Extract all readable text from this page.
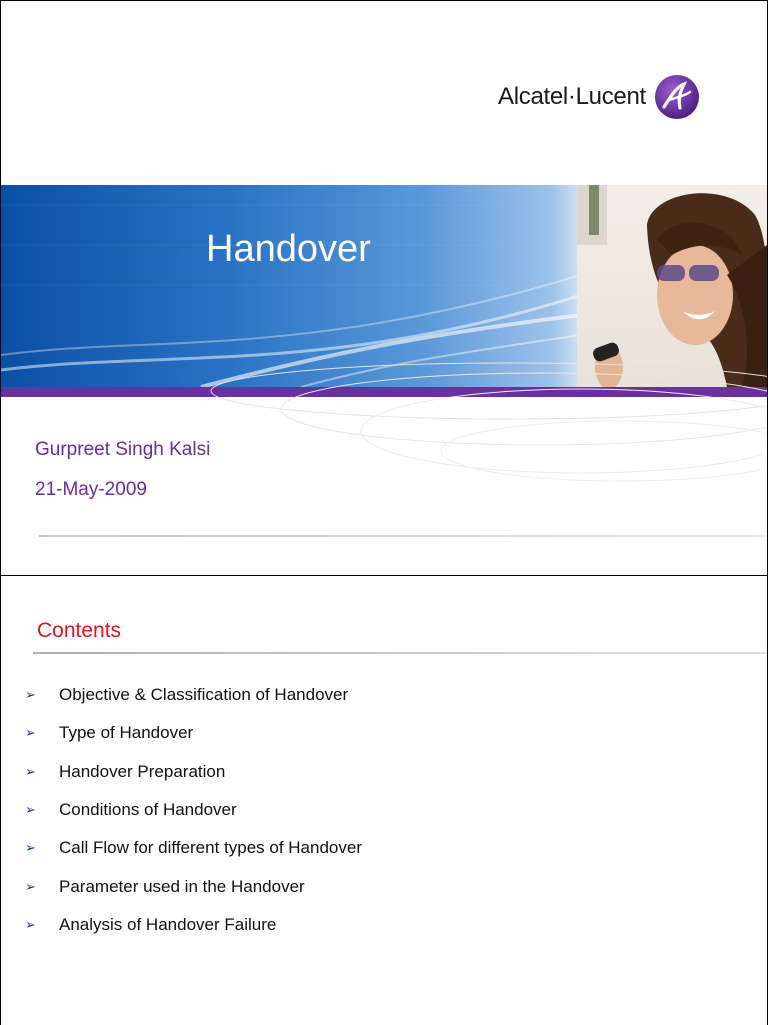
Alcatel·Lucent
Handover
Gurpreet Singh Kalsi
21-May-2009
Contents
➢	Objective & Classification of Handover
➢	Type of Handover
➢	Handover Preparation
➢	Conditions of Handover
➢	Call Flow for different types of Handover
➢	Parameter used in the Handover
➢	Analysis of Handover Failure
